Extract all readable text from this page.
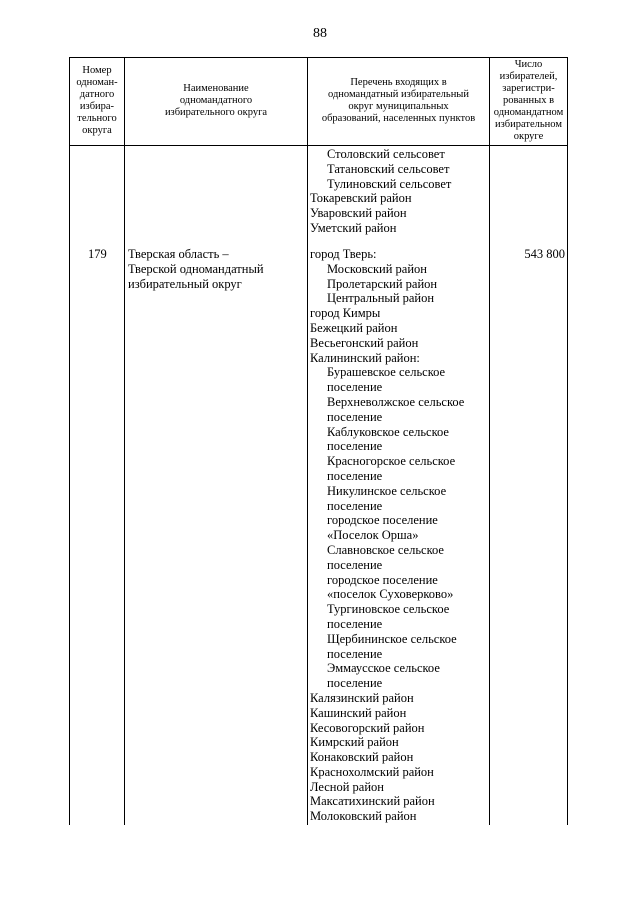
88
Номер
одноман-
датного
избира-
тельного
округа
Наименование
одномандатного
избирательного округа
Перечень входящих в
одномандатный избирательный
округ муниципальных
образований, населенных пунктов
Число
избирателей,
зарегистри-
рованных в
одномандатном
избирательном
округе
Столовский сельсовет
Татановский сельсовет
Тулиновский сельсовет
Токаревский район
Уваровский район
Уметский район
179 Тверская область –
Тверской одномандатный
избирательный округ
город Тверь:
Московский район
Пролетарский район
Центральный район
город Кимры
Бежецкий район
Весьегонский район
Калининский район:
Бурашевское сельское
поселение
Верхневолжское сельское
поселение
Каблуковское сельское
поселение
Красногорское сельское
поселение
Никулинское сельское
поселение
городское поселение
«Поселок Орша»
Славновское сельское
поселение
городское поселение
«поселок Суховерково»
Тургиновское сельское
поселение
Щербининское сельское
поселение
Эммаусское сельское
поселение
Калязинский район
Кашинский район
Кесовогорский район
Кимрский район
Конаковский район
Краснохолмский район
Лесной район
Максатихинский район
Молоковский район
543 800
